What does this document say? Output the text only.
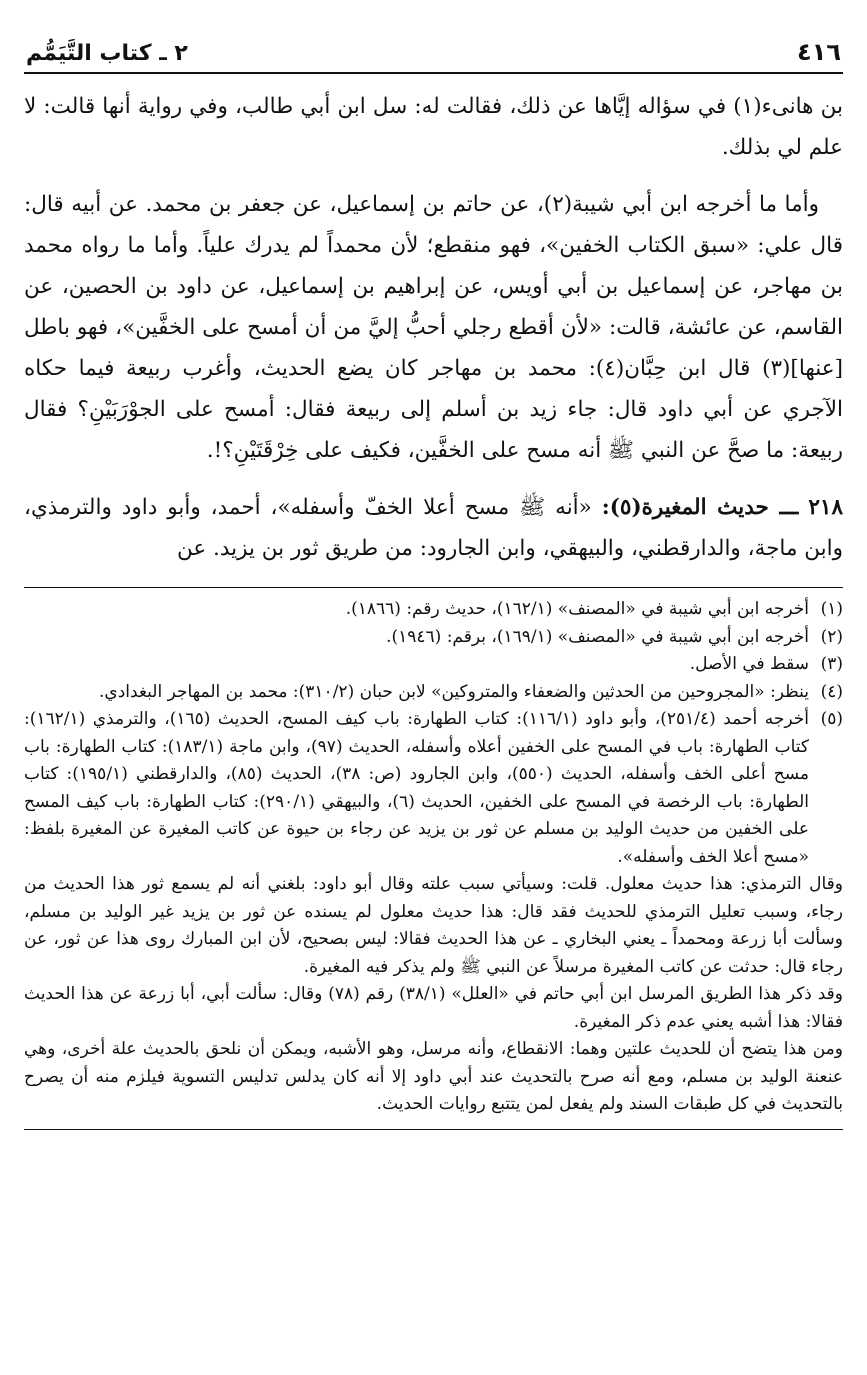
٤١٦
٢ ـ كتاب التَّيَمُّم

بن هانىء(١) في سؤاله إيَّاها عن ذلك، فقالت له: سل ابن أبي طالب، وفي رواية أنها قالت: لا علم لي بذلك.

وأما ما أخرجه ابن أبي شيبة(٢)، عن حاتم بن إسماعيل، عن جعفر بن محمد. عن أبيه قال: قال علي: «سبق الكتاب الخفين»، فهو منقطع؛ لأن محمداً لم يدرك علياً. وأما ما رواه محمد بن مهاجر، عن إسماعيل بن أبي أويس، عن إبراهيم بن إسماعيل، عن داود بن الحصين، عن القاسم، عن عائشة، قالت: «لأن أقطع رجلي أحبُّ إليَّ من أن أمسح على الخفَّين»، فهو باطل [عنها](٣) قال ابن حِبَّان(٤): محمد بن مهاجر كان يضع الحديث، وأغرب ربيعة فيما حكاه الآجري عن أبي داود قال: جاء زيد بن أسلم إلى ربيعة فقال: أمسح على الجوْرَبَيْنِ؟ فقال ربيعة: ما صحَّ عن النبي ﷺ أنه مسح على الخفَّين، فكيف على خِرْقَتَيْنِ؟!.

٢١٨ ـــ حديث المغيرة(٥): «أنه ﷺ مسح أعلا الخفّ وأسفله»، أحمد، وأبو داود والترمذي، وابن ماجة، والدارقطني، والبيهقي، وابن الجارود: من طريق ثور بن يزيد. عن

(١)
أخرجه ابن أبي شيبة في «المصنف» (١٦٢/١)، حديث رقم: (١٨٦٦).
(٢)
أخرجه ابن أبي شيبة في «المصنف» (١٦٩/١)، برقم: (١٩٤٦).
(٣)
سقط في الأصل.
(٤)
ينظر: «المجروحين من الحدثين والضعفاء والمتروكين» لابن حبان (٣١٠/٢): محمد بن المهاجر البغدادي.
(٥)
أخرجه أحمد (٢٥١/٤)، وأبو داود (١١٦/١): كتاب الطهارة: باب كيف المسح، الحديث (١٦٥)، والترمذي (١٦٢/١): كتاب الطهارة: باب في المسح على الخفين أعلاه وأسفله، الحديث (٩٧)، وابن ماجة (١٨٣/١): كتاب الطهارة: باب مسح أعلى الخف وأسفله، الحديث (٥٥٠)، وابن الجارود (ص: ٣٨)، الحديث (٨٥)، والدارقطني (١٩٥/١): كتاب الطهارة: باب الرخصة في المسح على الخفين، الحديث (٦)، والبيهقي (٢٩٠/١): كتاب الطهارة: باب كيف المسح على الخفين من حديث الوليد بن مسلم عن ثور بن يزيد عن رجاء بن حيوة عن كاتب المغيرة عن المغيرة بلفظ: «مسح أعلا الخف وأسفله».

وقال الترمذي: هذا حديث معلول. قلت: وسيأتي سبب علته وقال أبو داود: بلغني أنه لم يسمع ثور هذا الحديث من رجاء، وسبب تعليل الترمذي للحديث فقد قال: هذا حديث معلول لم يسنده عن ثور بن يزيد غير الوليد بن مسلم، وسألت أبا زرعة ومحمداً ـ يعني البخاري ـ عن هذا الحديث فقالا: ليس بصحيح، لأن ابن المبارك روى هذا عن ثور، عن رجاء قال: حدثت عن كاتب المغيرة مرسلاً عن النبي ﷺ ولم يذكر فيه المغيرة.

وقد ذكر هذا الطريق المرسل ابن أبي حاتم في «العلل» (٣٨/١) رقم (٧٨) وقال: سألت أبي، أبا زرعة عن هذا الحديث فقالا: هذا أشبه يعني عدم ذكر المغيرة.

ومن هذا يتضح أن للحديث علتين وهما: الانقطاع، وأنه مرسل، وهو الأشبه، ويمكن أن نلحق بالحديث علة أخرى، وهي عنعنة الوليد بن مسلم، ومع أنه صرح بالتحديث عند أبي داود إلا أنه كان يدلس تدليس التسوية فيلزم منه أن يصرح بالتحديث في كل طبقات السند ولم يفعل لمن يتتبع روايات الحديث.
